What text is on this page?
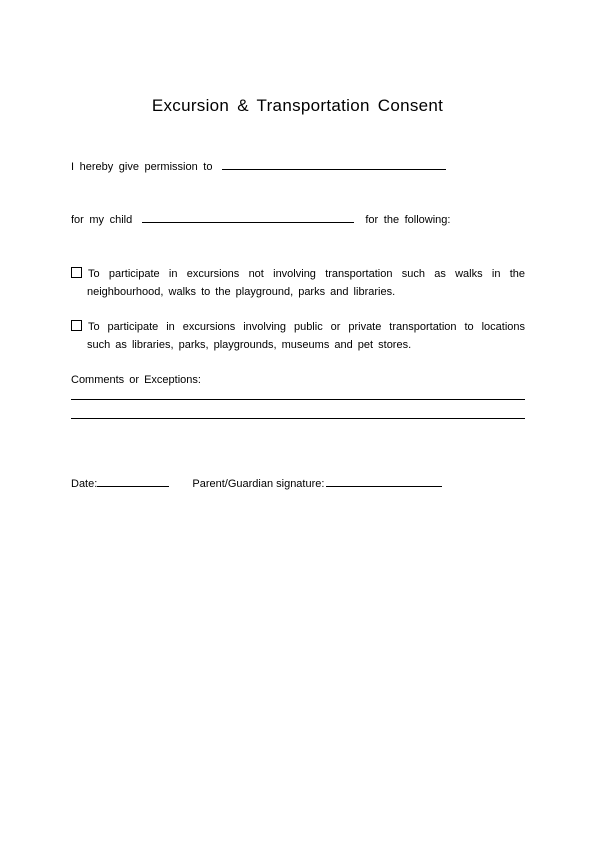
Excursion & Transportation Consent
I hereby give permission to
for my child	for the following:
To participate in excursions not involving transportation such as walks in the
neighbourhood, walks to the playground, parks and libraries.
To participate in excursions involving public or private transportation to locations
such as libraries, parks, playgrounds, museums and pet stores.
Comments or Exceptions:
Date:	Parent/Guardian signature:
